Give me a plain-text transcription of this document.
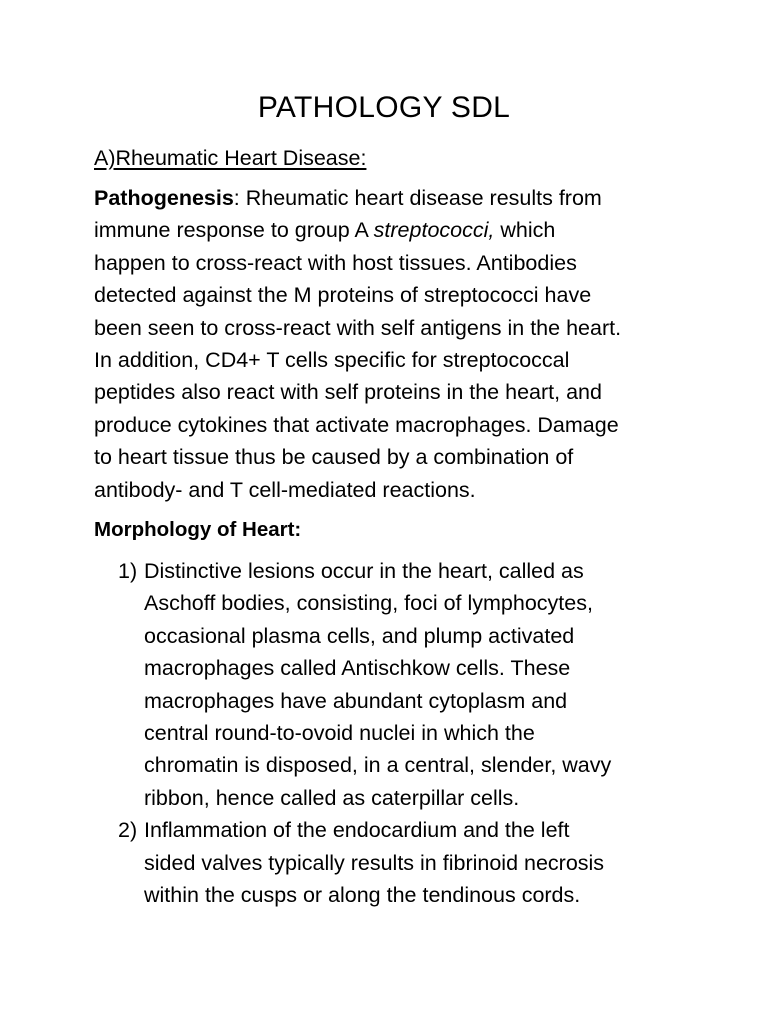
PATHOLOGY SDL
A)Rheumatic Heart Disease:
Pathogenesis: Rheumatic heart disease results from
immune response to group A streptococci, which
happen to cross-react with host tissues. Antibodies
detected against the M proteins of streptococci have
been seen to cross-react with self antigens in the heart.
In addition, CD4+ T cells specific for streptococcal
peptides also react with self proteins in the heart, and
produce cytokines that activate macrophages. Damage
to heart tissue thus be caused by a combination of
antibody- and T cell-mediated reactions.
Morphology of Heart:
1) Distinctive lesions occur in the heart, called as
Aschoff bodies, consisting, foci of lymphocytes,
occasional plasma cells, and plump activated
macrophages called Antischkow cells. These
macrophages have abundant cytoplasm and
central round-to-ovoid nuclei in which the
chromatin is disposed, in a central, slender, wavy
ribbon, hence called as caterpillar cells.
2) Inflammation of the endocardium and the left
sided valves typically results in fibrinoid necrosis
within the cusps or along the tendinous cords.
